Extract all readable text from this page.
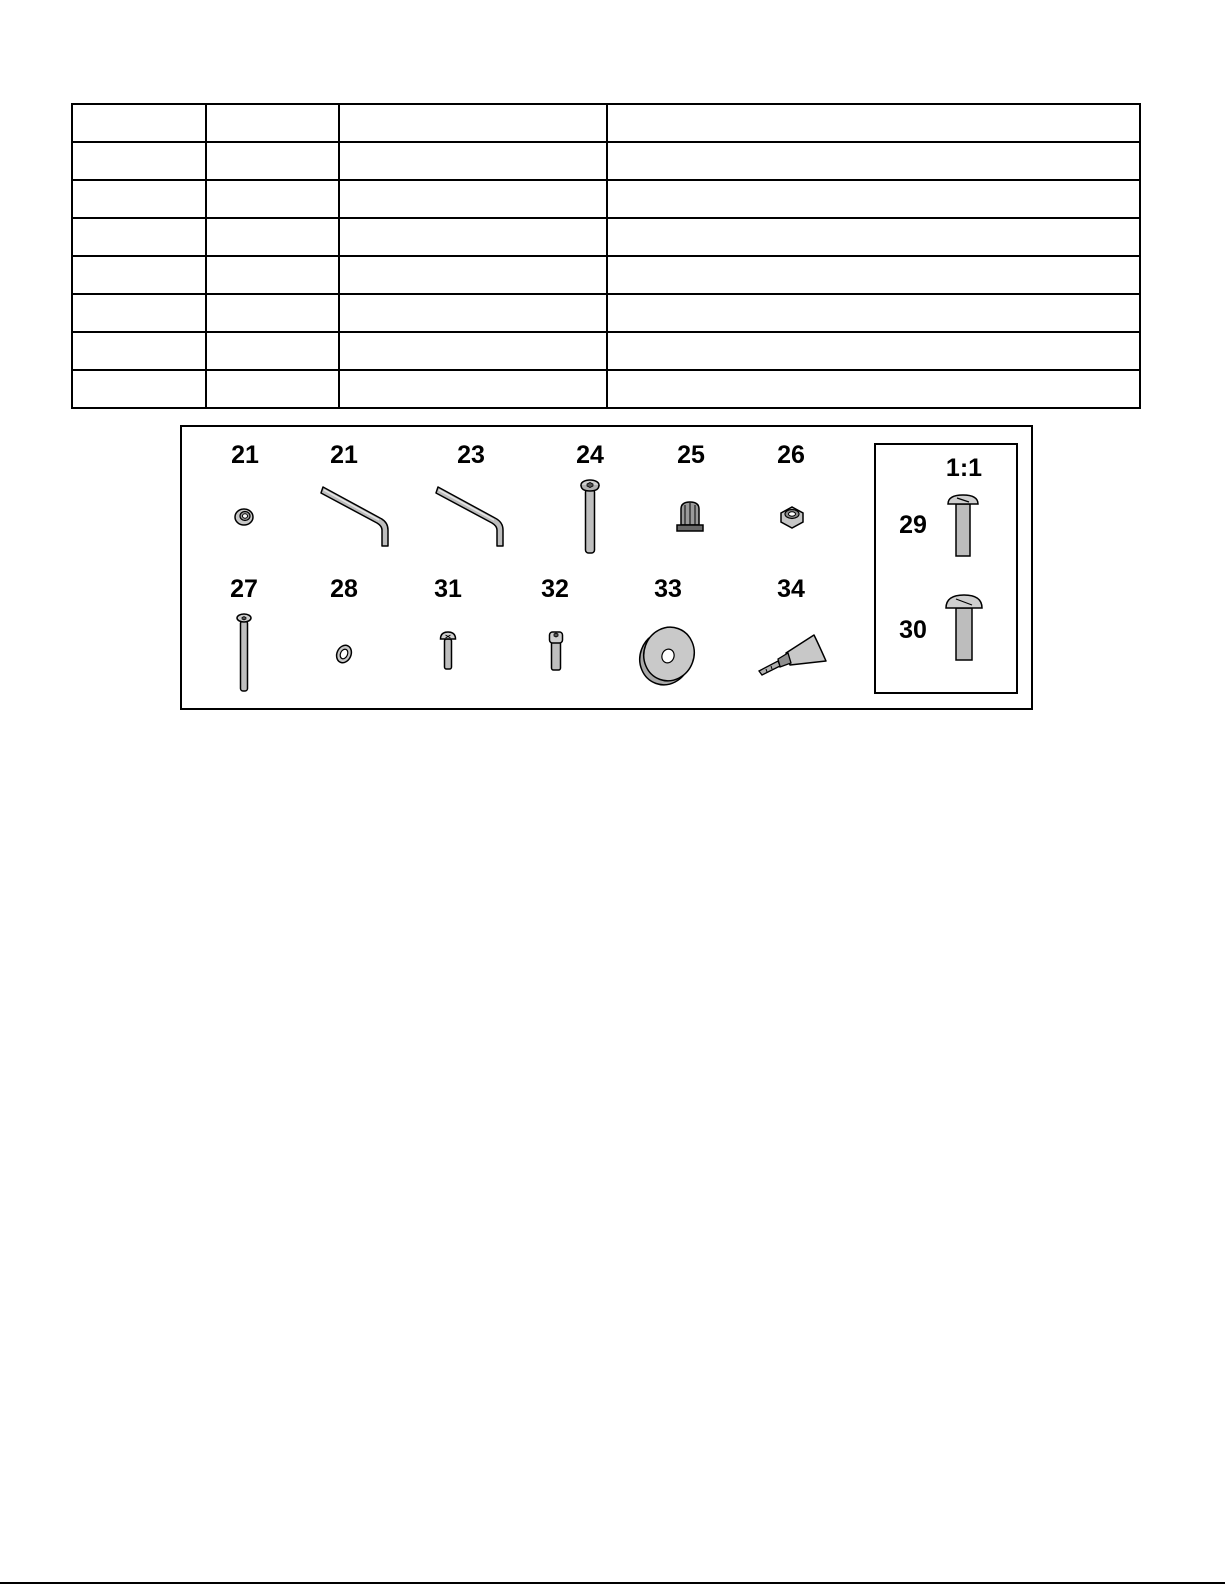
21	21	23	24	25	26
27	28	31	32	33	34
1:1
29
30
